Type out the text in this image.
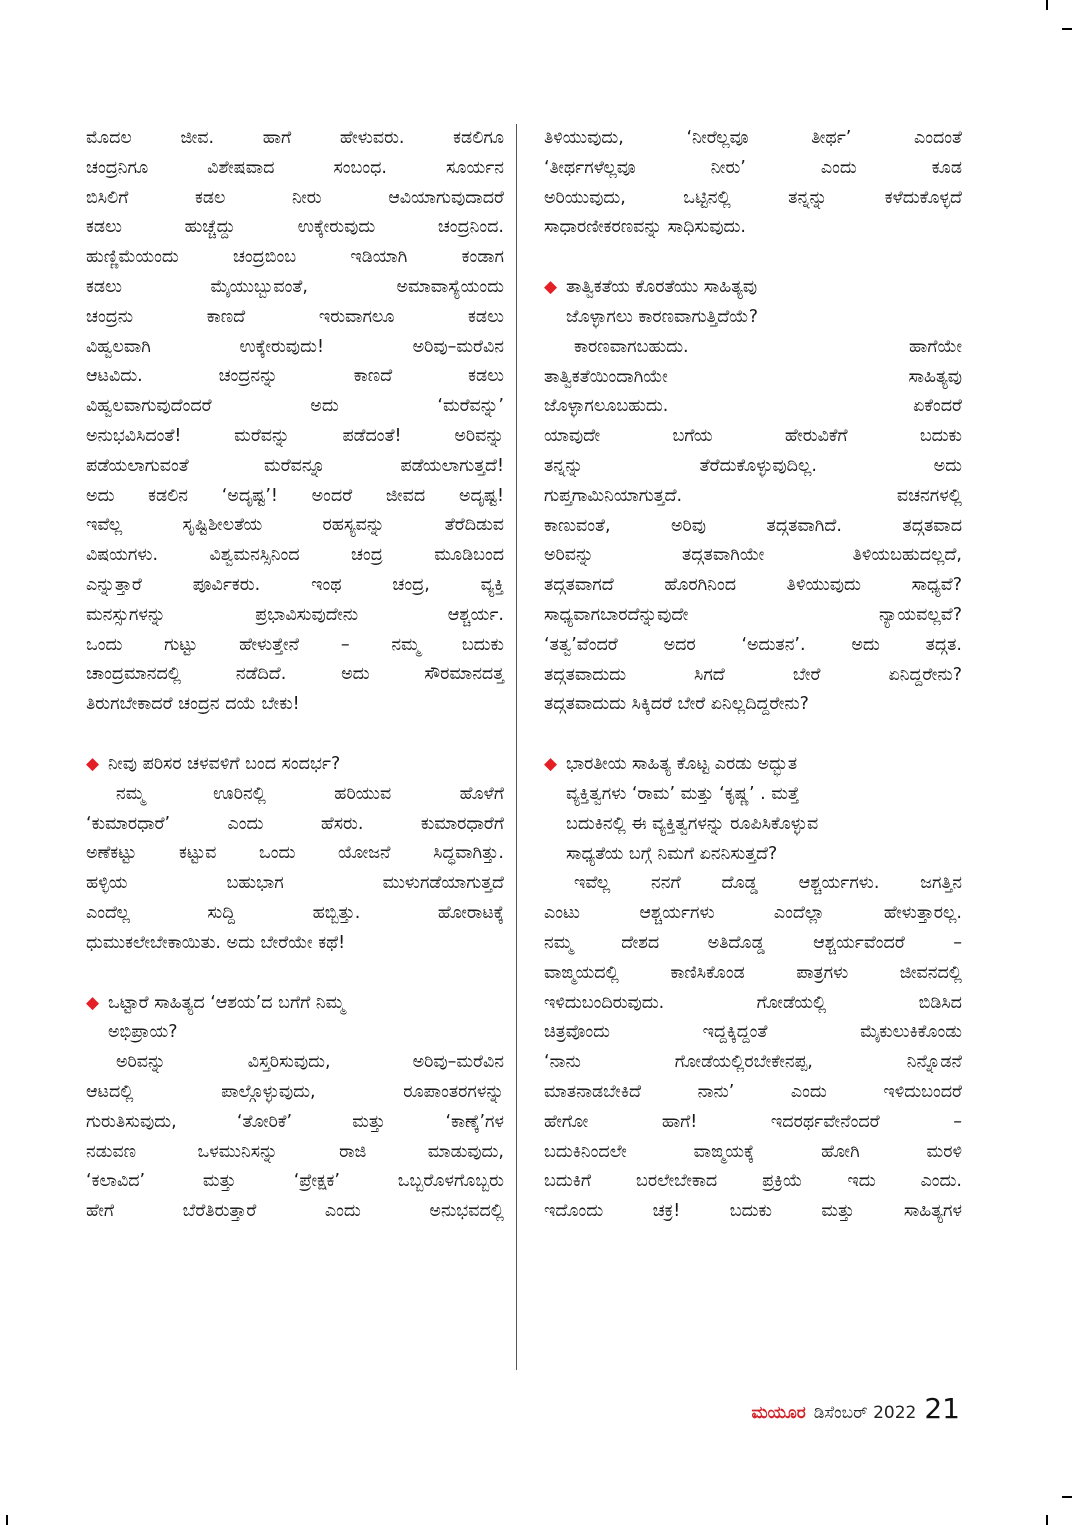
ಮೊದಲ ಜೀವ. ಹಾಗೆ ಹೇಳುವರು. ಕಡಲಿಗೂ

ಚಂದ್ರನಿಗೂ ವಿಶೇಷವಾದ ಸಂಬಂಧ. ಸೂರ್ಯನ

ಬಿಸಿಲಿಗೆ ಕಡಲ ನೀರು ಆವಿಯಾಗುವುದಾದರೆ

ಕಡಲು ಹುಚ್ಚೆದ್ದು ಉಕ್ಕೇರುವುದು ಚಂದ್ರನಿಂದ.

ಹುಣ್ಣಿಮೆಯಂದು ಚಂದ್ರಬಿಂಬ ಇಡಿಯಾಗಿ ಕಂಡಾಗ

ಕಡಲು ಮೈಯುಬ್ಬುವಂತೆ, ಅಮಾವಾಸ್ಯೆಯಂದು

ಚಂದ್ರನು ಕಾಣದೆ ಇರುವಾಗಲೂ ಕಡಲು

ವಿಹ್ವಲವಾಗಿ ಉಕ್ಕೇರುವುದು! ಅರಿವು–ಮರೆವಿನ

ಆಟವಿದು. ಚಂದ್ರನನ್ನು ಕಾಣದೆ ಕಡಲು

ವಿಹ್ವಲವಾಗುವುದೆಂದರೆ ಅದು ‘ಮರೆವನ್ನು’

ಅನುಭವಿಸಿದಂತೆ! ಮರೆವನ್ನು ಪಡೆದಂತೆ! ಅರಿವನ್ನು

ಪಡೆಯಲಾಗುವಂತೆ ಮರೆವನ್ನೂ ಪಡೆಯಲಾಗುತ್ತದೆ!

ಅದು ಕಡಲಿನ ‘ಅದೃಷ್ಟ’! ಅಂದರೆ ಜೀವದ ಅದೃಷ್ಟ!

ಇವೆಲ್ಲ ಸೃಷ್ಟಿಶೀಲತೆಯ ರಹಸ್ಯವನ್ನು ತೆರೆದಿಡುವ

ವಿಷಯಗಳು. ವಿಶ್ವಮನಸ್ಸಿನಿಂದ ಚಂದ್ರ ಮೂಡಿಬಂದ

ಎನ್ನುತ್ತಾರೆ ಪೂರ್ವಿಕರು. ಇಂಥ ಚಂದ್ರ, ವ್ಯಕ್ತಿ

ಮನಸ್ಸುಗಳನ್ನು ಪ್ರಭಾವಿಸುವುದೇನು ಆಶ್ಚರ್ಯ.

ಒಂದು ಗುಟ್ಟು ಹೇಳುತ್ತೇನೆ – ನಮ್ಮ ಬದುಕು

ಚಾಂದ್ರಮಾನದಲ್ಲಿ ನಡೆದಿದೆ. ಅದು ಸೌರಮಾನದತ್ತ

ತಿರುಗಬೇಕಾದರೆ ಚಂದ್ರನ ದಯೆ ಬೇಕು!

◆ ನೀವು ಪರಿಸರ ಚಳವಳಿಗೆ ಬಂದ ಸಂದರ್ಭ?

ನಮ್ಮ ಊರಿನಲ್ಲಿ ಹರಿಯುವ ಹೊಳೆಗೆ

‘ಕುಮಾರಧಾರೆ’ ಎಂದು ಹೆಸರು. ಕುಮಾರಧಾರೆಗೆ

ಅಣೆಕಟ್ಟು ಕಟ್ಟುವ ಒಂದು ಯೋಜನೆ ಸಿದ್ಧವಾಗಿತ್ತು.

ಹಳ್ಳಿಯ ಬಹುಭಾಗ ಮುಳುಗಡೆಯಾಗುತ್ತದೆ

ಎಂದೆಲ್ಲ ಸುದ್ದಿ ಹಬ್ಬಿತ್ತು. ಹೋರಾಟಕ್ಕೆ

ಧುಮುಕಲೇಬೇಕಾಯಿತು. ಅದು ಬೇರೆಯೇ ಕಥೆ!

◆ ಒಟ್ಟಾರೆ ಸಾಹಿತ್ಯದ ‘ಆಶಯ’ದ ಬಗೆಗೆ ನಿಮ್ಮ

ಅಭಿಪ್ರಾಯ?

ಅರಿವನ್ನು ವಿಸ್ತರಿಸುವುದು, ಅರಿವು–ಮರೆವಿನ

ಆಟದಲ್ಲಿ ಪಾಲ್ಗೊಳ್ಳುವುದು, ರೂಪಾಂತರಗಳನ್ನು

ಗುರುತಿಸುವುದು, ‘ತೋರಿಕೆ’ ಮತ್ತು ‘ಕಾಣ್ಕೆ’ಗಳ

ನಡುವಣ ಒಳಮುನಿಸನ್ನು ರಾಜಿ ಮಾಡುವುದು,

‘ಕಲಾವಿದ’ ಮತ್ತು ‘ಪ್ರೇಕ್ಷಕ’ ಒಬ್ಬರೊಳಗೊಬ್ಬರು

ಹೇಗೆ ಬೆರೆತಿರುತ್ತಾರೆ ಎಂದು ಅನುಭವದಲ್ಲಿ

ತಿಳಿಯುವುದು, ‘ನೀರೆಲ್ಲವೂ ತೀರ್ಥ’ ಎಂದಂತೆ

‘ತೀರ್ಥಗಳೆಲ್ಲವೂ ನೀರು’ ಎಂದು ಕೂಡ

ಅರಿಯುವುದು, ಒಟ್ಟಿನಲ್ಲಿ ತನ್ನನ್ನು ಕಳೆದುಕೊಳ್ಳದೆ

ಸಾಧಾರಣೀಕರಣವನ್ನು ಸಾಧಿಸುವುದು.

◆ ತಾತ್ವಿಕತೆಯ ಕೊರತೆಯು ಸಾಹಿತ್ಯವು

ಜೊಳ್ಳಾಗಲು ಕಾರಣವಾಗುತ್ತಿದೆಯೆ?

ಕಾರಣವಾಗಬಹುದು. ಹಾಗೆಯೇ

ತಾತ್ವಿಕತೆಯಿಂದಾಗಿಯೇ ಸಾಹಿತ್ಯವು

ಜೊಳ್ಳಾಗಲೂಬಹುದು. ಏಕೆಂದರೆ

ಯಾವುದೇ ಬಗೆಯ ಹೇರುವಿಕೆಗೆ ಬದುಕು

ತನ್ನನ್ನು ತೆರೆದುಕೊಳ್ಳುವುದಿಲ್ಲ. ಅದು

ಗುಪ್ತಗಾಮಿನಿಯಾಗುತ್ತದೆ. ವಚನಗಳಲ್ಲಿ

ಕಾಣುವಂತೆ, ಅರಿವು ತದ್ಗತವಾಗಿದೆ. ತದ್ಗತವಾದ

ಅರಿವನ್ನು ತದ್ಗತವಾಗಿಯೇ ತಿಳಿಯಬಹುದಲ್ಲದೆ,

ತದ್ಗತವಾಗದೆ ಹೊರಗಿನಿಂದ ತಿಳಿಯುವುದು ಸಾಧ್ಯವೆ?

ಸಾಧ್ಯವಾಗಬಾರದೆನ್ನುವುದೇ ನ್ಯಾಯವಲ್ಲವೆ?

‘ತತ್ವ’ವೆಂದರೆ ಅದರ ‘ಅದುತನ’. ಅದು ತದ್ಗತ.

ತದ್ಗತವಾದುದು ಸಿಗದೆ ಬೇರೆ ಏನಿದ್ದರೇನು?

ತದ್ಗತವಾದುದು ಸಿಕ್ಕಿದರೆ ಬೇರೆ ಏನಿಲ್ಲದಿದ್ದರೇನು?

◆ ಭಾರತೀಯ ಸಾಹಿತ್ಯ ಕೊಟ್ಟ ಎರಡು ಅದ್ಭುತ

ವ್ಯಕ್ತಿತ್ವಗಳು ‘ರಾಮ’ ಮತ್ತು ‘ಕೃಷ್ಣ’ . ಮತ್ತೆ

ಬದುಕಿನಲ್ಲಿ ಈ ವ್ಯಕ್ತಿತ್ವಗಳನ್ನು ರೂಪಿಸಿಕೊಳ್ಳುವ

ಸಾಧ್ಯತೆಯ ಬಗ್ಗೆ ನಿಮಗೆ ಏನನಿಸುತ್ತದೆ?

ಇವೆಲ್ಲ ನನಗೆ ದೊಡ್ಡ ಆಶ್ಚರ್ಯಗಳು. ಜಗತ್ತಿನ

ಎಂಟು ಆಶ್ಚರ್ಯಗಳು ಎಂದೆಲ್ಲಾ ಹೇಳುತ್ತಾರಲ್ಲ.

ನಮ್ಮ ದೇಶದ ಅತಿದೊಡ್ಡ ಆಶ್ಚರ್ಯವೆಂದರೆ –

ವಾಙ್ಮಯದಲ್ಲಿ ಕಾಣಿಸಿಕೊಂಡ ಪಾತ್ರಗಳು ಜೀವನದಲ್ಲಿ

ಇಳಿದುಬಂದಿರುವುದು. ಗೋಡೆಯಲ್ಲಿ ಬಿಡಿಸಿದ

ಚಿತ್ರವೊಂದು ಇದ್ದಕ್ಕಿದ್ದಂತೆ ಮೈಕುಲುಕಿಕೊಂಡು

‘ನಾನು ಗೋಡೆಯಲ್ಲಿರಬೇಕೇನಪ್ಪ, ನಿನ್ನೊಡನೆ

ಮಾತನಾಡಬೇಕಿದೆ ನಾನು’ ಎಂದು ಇಳಿದುಬಂದರೆ

ಹೇಗೋ ಹಾಗೆ! ಇದರರ್ಥವೇನೆಂದರೆ –

ಬದುಕಿನಿಂದಲೇ ವಾಙ್ಮಯಕ್ಕೆ ಹೋಗಿ ಮರಳಿ

ಬದುಕಿಗೆ ಬರಲೇಬೇಕಾದ ಪ್ರಕ್ರಿಯೆ ಇದು ಎಂದು.

ಇದೊಂದು ಚಕ್ರ! ಬದುಕು ಮತ್ತು ಸಾಹಿತ್ಯಗಳ

ಮಯೂರ ಡಿಸೆಂಬರ್ 2022 21
